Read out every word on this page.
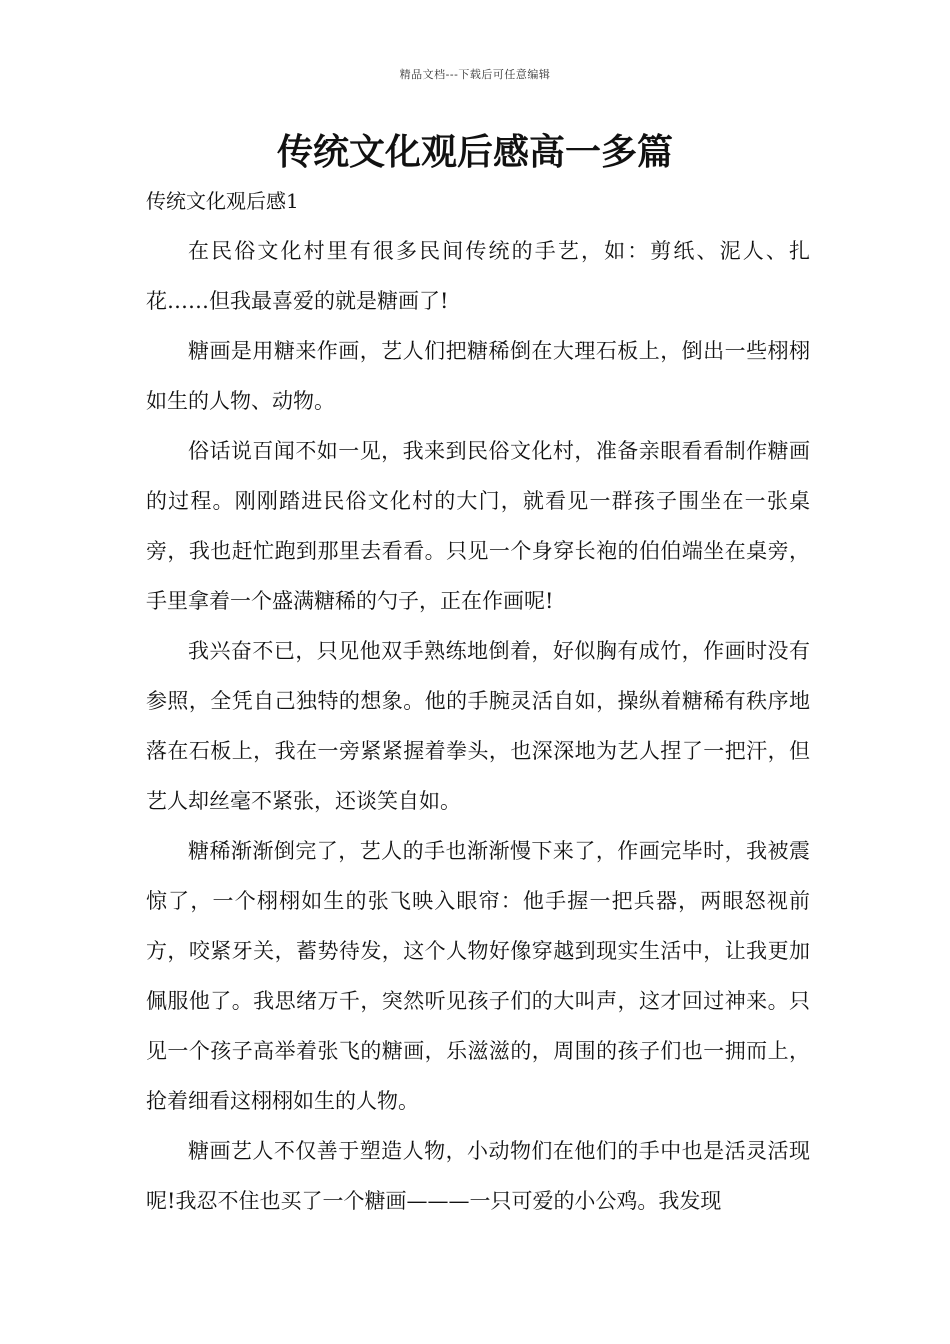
精品文档---下载后可任意编辑
传统文化观后感高一多篇
传统文化观后感1

在民俗文化村里有很多民间传统的手艺，如：剪纸、泥人、扎花……但我最喜爱的就是糖画了!

糖画是用糖来作画，艺人们把糖稀倒在大理石板上，倒出一些栩栩如生的人物、动物。

俗话说百闻不如一见，我来到民俗文化村，准备亲眼看看制作糖画的过程。刚刚踏进民俗文化村的大门，就看见一群孩子围坐在一张桌旁，我也赶忙跑到那里去看看。只见一个身穿长袍的伯伯端坐在桌旁，手里拿着一个盛满糖稀的勺子，正在作画呢!

我兴奋不已，只见他双手熟练地倒着，好似胸有成竹，作画时没有参照，全凭自己独特的想象。他的手腕灵活自如，操纵着糖稀有秩序地落在石板上，我在一旁紧紧握着拳头，也深深地为艺人捏了一把汗，但艺人却丝毫不紧张，还谈笑自如。

糖稀渐渐倒完了，艺人的手也渐渐慢下来了，作画完毕时，我被震惊了，一个栩栩如生的张飞映入眼帘：他手握一把兵器，两眼怒视前方，咬紧牙关，蓄势待发，这个人物好像穿越到现实生活中，让我更加佩服他了。我思绪万千，突然听见孩子们的大叫声，这才回过神来。只见一个孩子高举着张飞的糖画，乐滋滋的，周围的孩子们也一拥而上，抢着细看这栩栩如生的人物。

糖画艺人不仅善于塑造人物，小动物们在他们的手中也是活灵活现呢!我忍不住也买了一个糖画———一只可爱的小公鸡。我发现
